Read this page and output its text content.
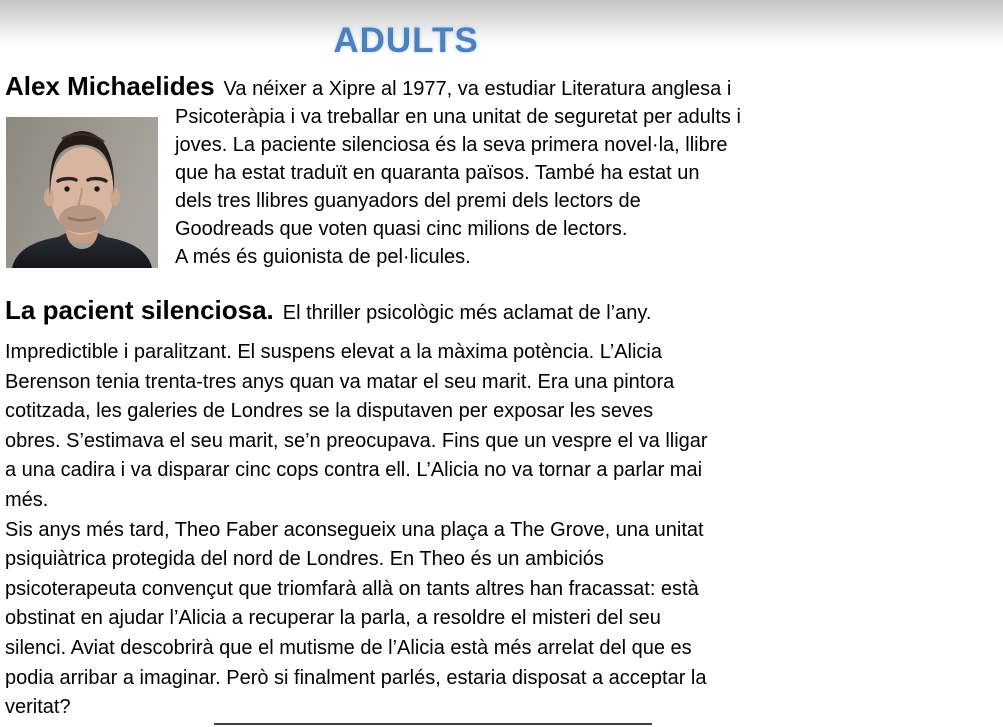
ADULTS
Alex Michaelides Va néixer a Xipre al 1977, va estudiar Literatura anglesa i
Psicoteràpia i va treballar en una unitat de seguretat per adults i
joves. La paciente silenciosa és la seva primera novel·la, llibre
que ha estat traduït en quaranta països. També ha estat un
dels tres llibres guanyadors del premi dels lectors de
Goodreads que voten quasi cinc milions de lectors.
A més és guionista de pel·licules.
La pacient silenciosa. El thriller psicològic més aclamat de l’any.
Impredictible i paralitzant. El suspens elevat a la màxima potència. L’Alicia
Berenson tenia trenta-tres anys quan va matar el seu marit. Era una pintora
cotitzada, les galeries de Londres se la disputaven per exposar les seves
obres. S’estimava el seu marit, se’n preocupava. Fins que un vespre el va lligar
a una cadira i va disparar cinc cops contra ell. L’Alicia no va tornar a parlar mai
més.
Sis anys més tard, Theo Faber aconsegueix una plaça a The Grove, una unitat
psiquiàtrica protegida del nord de Londres. En Theo és un ambiciós
psicoterapeuta convençut que triomfarà allà on tants altres han fracassat: està
obstinat en ajudar l’Alicia a recuperar la parla, a resoldre el misteri del seu
silenci. Aviat descobrirà que el mutisme de l’Alicia està més arrelat del que es
podia arribar a imaginar. Però si finalment parlés, estaria disposat a acceptar la
veritat?
